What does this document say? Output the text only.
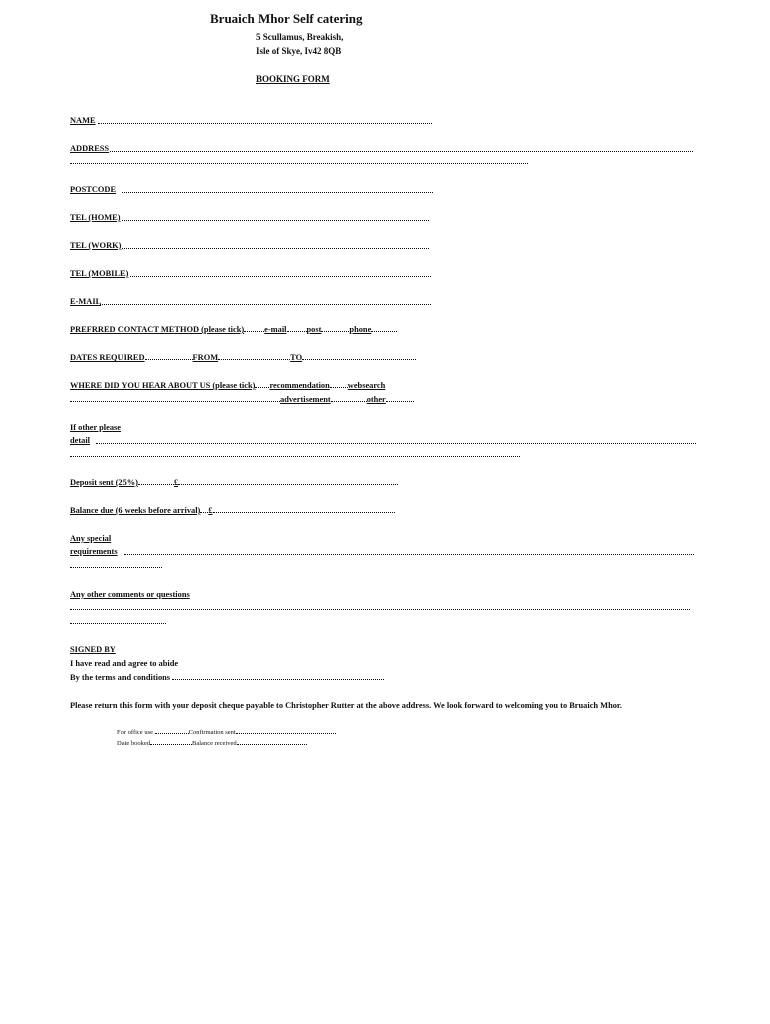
Bruaich Mhor Self catering
5 Scullamus, Breakish,
Isle of Skye, Iv42 8QB
BOOKING FORM
NAME
ADDRESS
POSTCODE
TEL (HOME)
TEL (WORK)
TEL (MOBILE)
E-MAIL
PREFRRED CONTACT METHOD (please tick) e-mail post	phone
DATES REQUIRED	FROM	TO
WHERE DID YOU HEAR ABOUT US (please tick) recommendation websearch
advertisement	other
If other please
detail
Deposit sent (25%)	£
Balance due (6 weeks before arrival) £
Any special
requirements
Any other comments or questions
SIGNED BY
I have read and agree to abide
By the terms and conditions
Please return this form with your deposit cheque payable to Christopher Rutter at the above address. We look forward to welcoming you to Bruaich Mhor.
For office use	Confirmation sent
Date booked	Balance received
